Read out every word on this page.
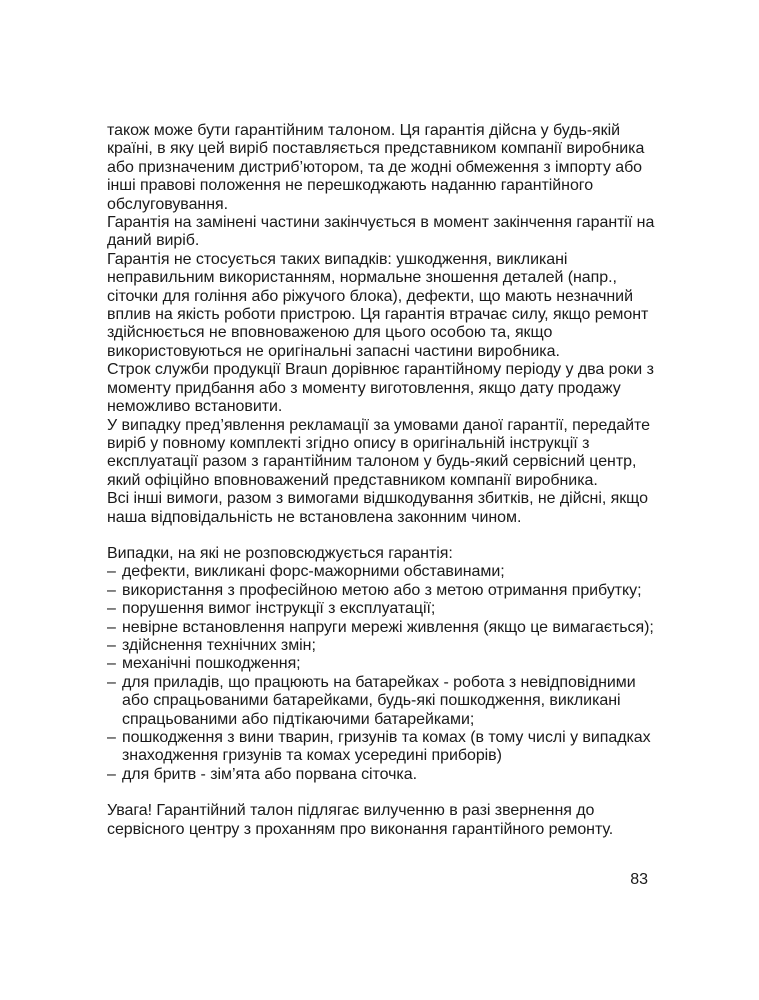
також може бути гарантійним талоном. Ця гарантія дійсна у будь-якій країні, в яку цей виріб поставляється представником компанії виробника або призначеним дистриб’ютором, та де жодні обмеження з імпорту або інші правові положення не перешкоджають наданню гарантійного обслуговування.

Гарантія на замінені частини закінчується в момент закінчення гарантії на даний виріб.

Гарантія не стосується таких випадків: ушкодження, викликані неправильним використанням, нормальне зношення деталей (напр., сіточки для гоління або ріжучого блока), дефекти, що мають незначний вплив на якість роботи пристрою. Ця гарантія втрачає силу, якщо ремонт здійснюється не вповноваженою для цього особою та, якщо використовуються не оригінальні запасні частини виробника.

Строк служби продукції Braun дорівнює гарантійному періоду у два роки з моменту придбання або з моменту виготовлення, якщо дату продажу неможливо встановити.

У випадку пред’явлення рекламації за умовами даної гарантії, передайте виріб у повному комплекті згідно опису в оригінальній інструкції з експлуатації разом з гарантійним талоном у будь-який сервісний центр, який офіційно вповноважений представником компанії виробника.

Всі інші вимоги, разом з вимогами відшкодування збитків, не дійсні, якщо наша відповідальність не встановлена законним чином.

Випадки, на які не розповсюджується гарантія:

– дефекти, викликані форс-мажорними обставинами;
– використання з професійною метою або з метою отримання прибутку;
– порушення вимог інструкції з експлуатації;
– невірне встановлення напруги мережі живлення (якщо це вимагається);
– здійснення технічних змін;
– механічні пошкодження;
– для приладів, що працюють на батарейках - робота з невідповідними або спрацьованими батарейками, будь-які пошкодження, викликані спрацьованими або підтікаючими батарейками;
– пошкодження з вини тварин, гризунів та комах (в тому числі у випадках знаходження гризунів та комах усередині приборів)
– для бритв - зім’ята або порвана сіточка.

Увага! Гарантійний талон підлягає вилученню в разі звернення до сервісного центру з проханням про виконання гарантійного ремонту.

83
